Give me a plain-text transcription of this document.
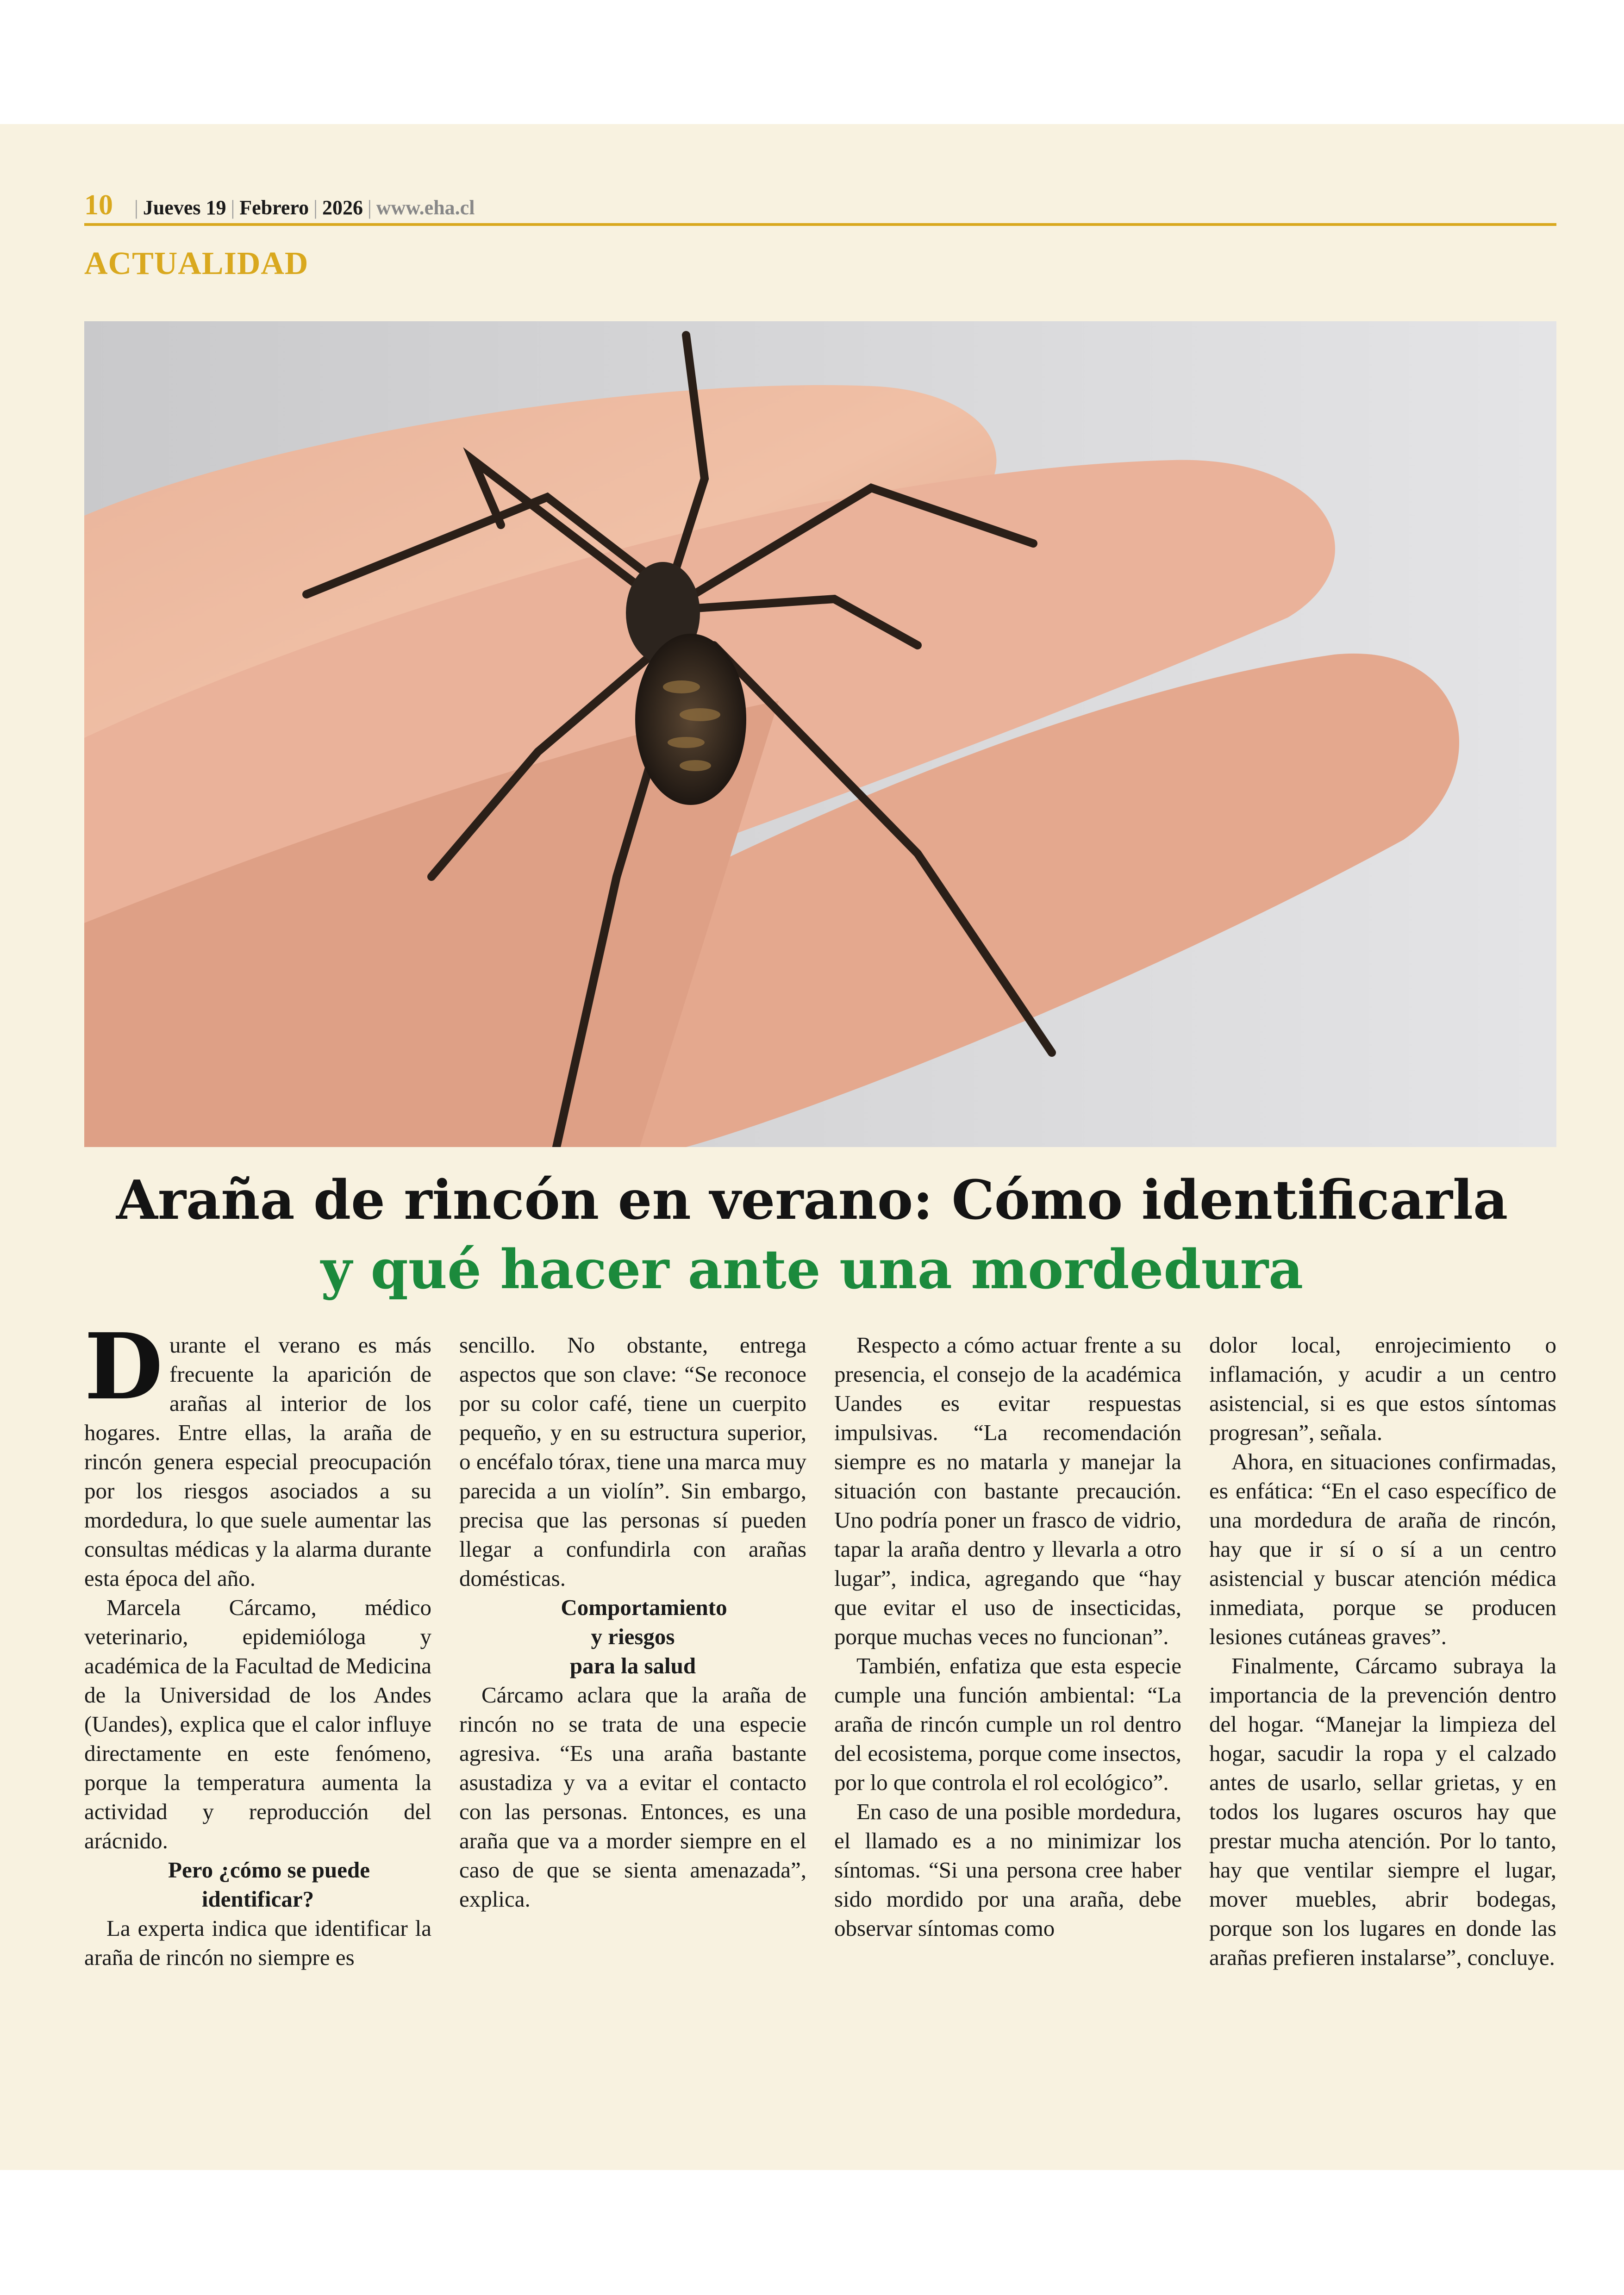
10 | Jueves 19 | Febrero | 2026 | www.eha.cl
ACTUALIDAD
Araña de rincón en verano: Cómo identificarla
y qué hacer ante una mordedura

Durante el verano es más frecuente la aparición de arañas al interior de los hogares. Entre ellas, la araña de rincón genera especial preocupación por los riesgos asociados a su mordedura, lo que suele aumentar las consultas médicas y la alarma durante esta época del año.

Marcela Cárcamo, médico veterinario, epidemióloga y académica de la Facultad de Medicina de la Universidad de los Andes (Uandes), explica que el calor influye directamente en este fenómeno, porque la temperatura aumenta la actividad y reproducción del arácnido.

Pero ¿cómo se puede
identificar?

La experta indica que identificar la araña de rincón no siempre es

sencillo. No obstante, entrega aspectos que son clave: “Se reconoce por su color café, tiene un cuerpito pequeño, y en su estructura superior, o encéfalo tórax, tiene una marca muy parecida a un violín”. Sin embargo, precisa que las personas sí pueden llegar a confundirla con arañas domésticas.

Comportamiento
y riesgos
para la salud

Cárcamo aclara que la araña de rincón no se trata de una especie agresiva. “Es una araña bastante asustadiza y va a evitar el contacto con las personas. Entonces, es una araña que va a morder siempre en el caso de que se sienta amenazada”, explica.

Respecto a cómo actuar frente a su presencia, el consejo de la académica Uandes es evitar respuestas impulsivas. “La recomendación siempre es no matarla y manejar la situación con bastante precaución. Uno podría poner un frasco de vidrio, tapar la araña dentro y llevarla a otro lugar”, indica, agregando que “hay que evitar el uso de insecticidas, porque muchas veces no funcionan”.

También, enfatiza que esta especie cumple una función ambiental: “La araña de rincón cumple un rol dentro del ecosistema, porque come insectos, por lo que controla el rol ecológico”.

En caso de una posible mordedura, el llamado es a no minimizar los síntomas. “Si una persona cree haber sido mordido por una araña, debe observar síntomas como

dolor local, enrojecimiento o inflamación, y acudir a un centro asistencial, si es que estos síntomas progresan”, señala.

Ahora, en situaciones confirmadas, es enfática: “En el caso específico de una mordedura de araña de rincón, hay que ir sí o sí a un centro asistencial y buscar atención médica inmediata, porque se producen lesiones cutáneas graves”.

Finalmente, Cárcamo subraya la importancia de la prevención dentro del hogar. “Manejar la limpieza del hogar, sacudir la ropa y el calzado antes de usarlo, sellar grietas, y en todos los lugares oscuros hay que prestar mucha atención. Por lo tanto, hay que ventilar siempre el lugar, mover muebles, abrir bodegas, porque son los lugares en donde las arañas prefieren instalarse”, concluye.
